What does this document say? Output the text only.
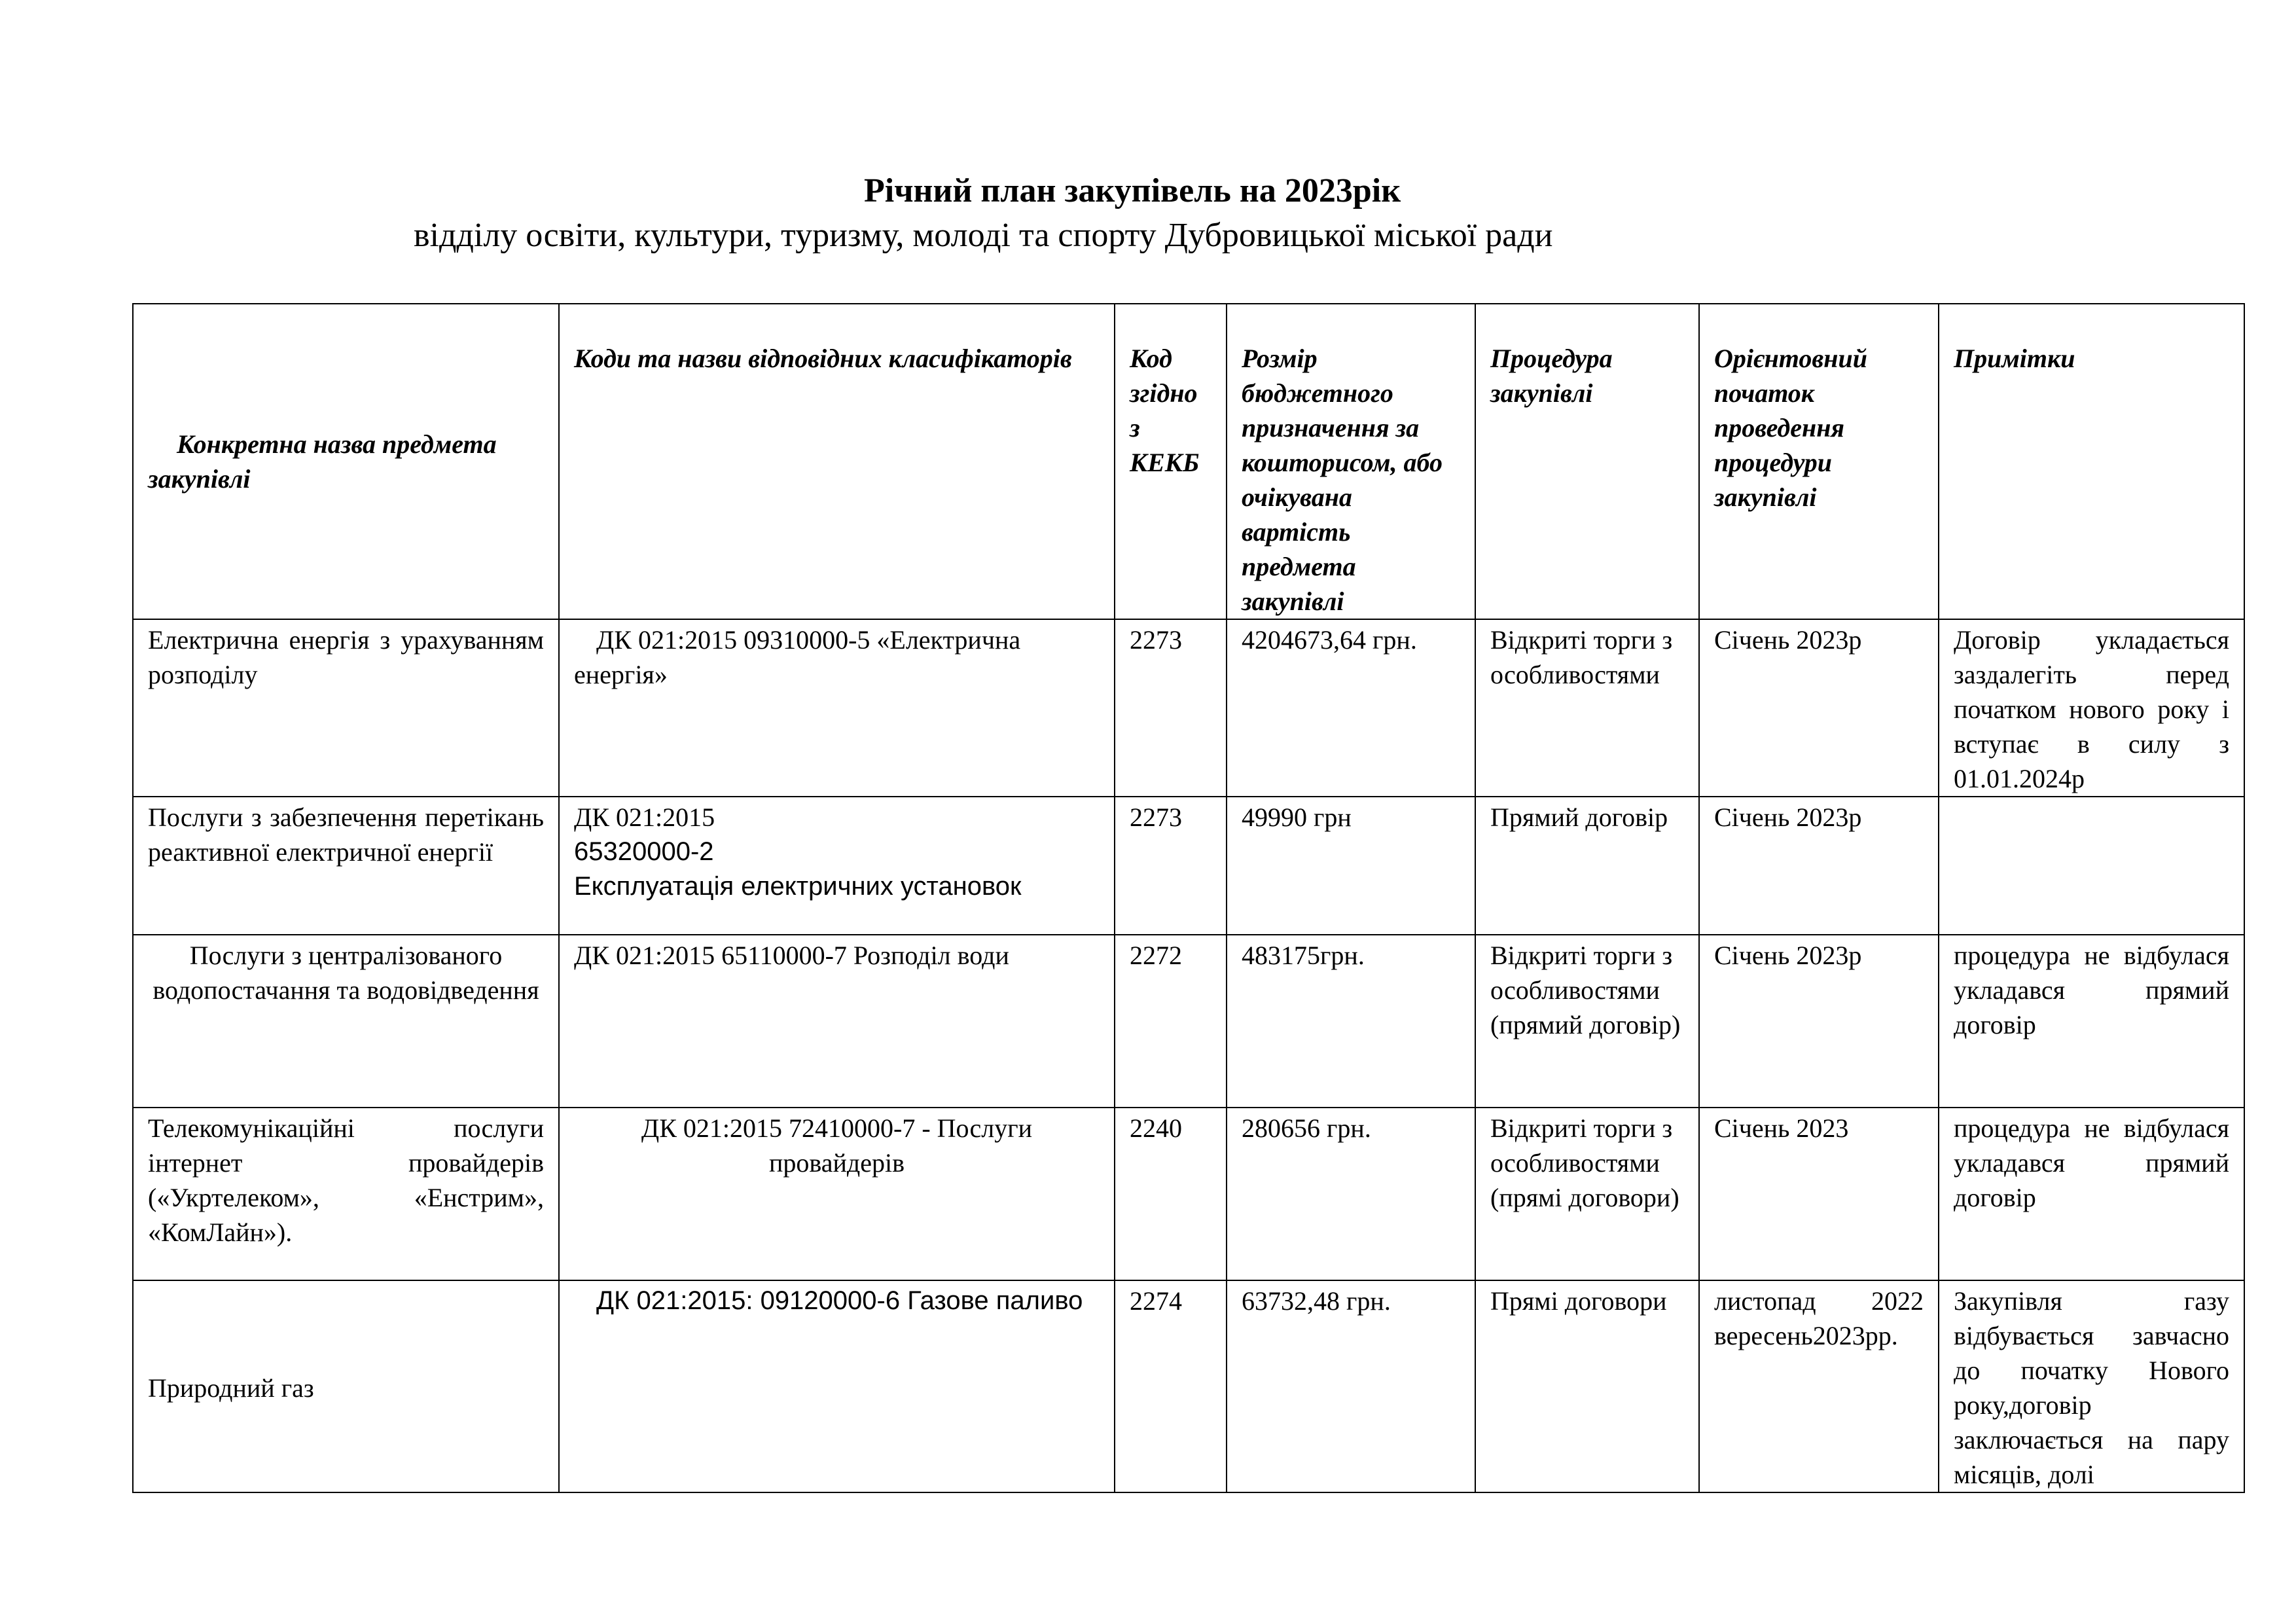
Річний план закупівель на 2023рік
відділу освіти, культури, туризму, молоді та спорту Дубровицької міської ради
Конкретна назва предмета закупівлі	Коди та назви відповідних класифікаторів	Код згідно з КЕКБ	Розмір бюджетного призначення за кошторисом, або очікувана вартість предмета закупівлі	Процедура закупівлі	Орієнтовний початок проведення процедури закупівлі	Примітки
Електрична енергія з урахуванням розподілу	ДК 021:2015 09310000-5 «Електрична енергія»	2273	4204673,64 грн.	Відкриті торги з особливостями	Січень 2023р	Договір укладається заздалегіть перед початком нового року і вступає в силу з 01.01.2024р
Послуги з забезпечення перетікань реактивної електричної енергії	ДК 021:2015
65320000-2
Експлуатація електричних установок	2273	49990 грн	Прямий договір	Січень 2023р	
Послуги з централізованого водопостачання та водовідведення	ДК 021:2015 65110000-7 Розподіл води	2272	483175грн.	Відкриті торги з особливостями (прямий договір)	Січень 2023р	процедура не відбулася укладався прямий договір
Телекомунікаційні послуги інтернет провайдерів («Укртелеком», «Енстрим», «КомЛайн»).	ДК 021:2015 72410000-7 - Послуги провайдерів	2240	280656 грн.	Відкриті торги з особливостями (прямі договори)	Січень 2023	процедура не відбулася укладався прямий договір
Природний газ	ДК 021:2015: 09120000-6 Газове паливо	2274	63732,48 грн.	Прямі договори	листопад 2022 вересень2023рр.	Закупівля газу відбувається завчасно до початку Нового року,договір заключається на пару місяців, долі
